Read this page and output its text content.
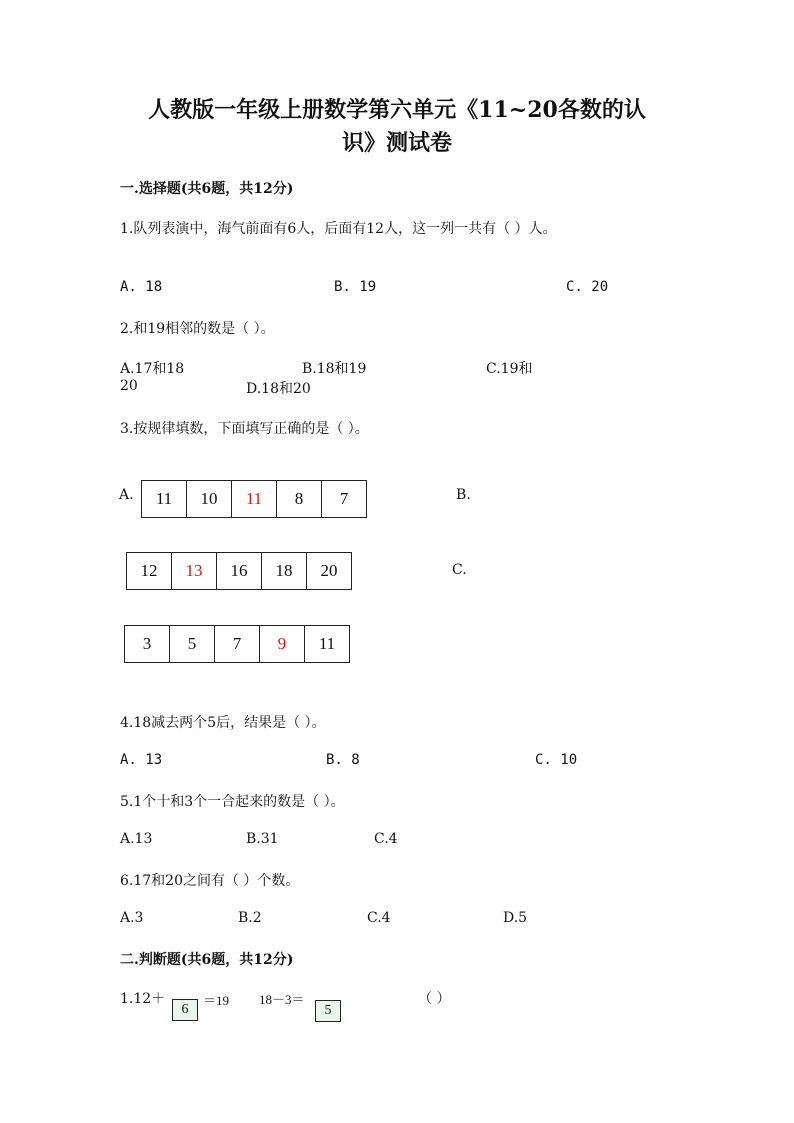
人教版一年级上册数学第六单元《11~20各数的认
识》测试卷
一.选择题(共6题，共12分)
1.队列表演中，海气前面有6人，后面有12人，这一列一共有（ ）人。
A. 18	B. 19	C. 20
2.和19相邻的数是（ ）。
A.17和18	B.18和19	C.19和
20	D.18和20
3.按规律填数，下面填写正确的是（ ）。
A.	11	10	11	8	7	B.
12	13	16	18	20	C.
3	5	7	9	11
4.18减去两个5后，结果是（ ）。
A. 13	B. 8	C. 10
5.1个十和3个一合起来的数是（ ）。
A.13	B.31	C.4
6.17和20之间有（ ）个数。
A.3	B.2	C.4	D.5
二.判断题(共6题，共12分)
1.12＋
6
＝19 18－3＝
5
（ ）
